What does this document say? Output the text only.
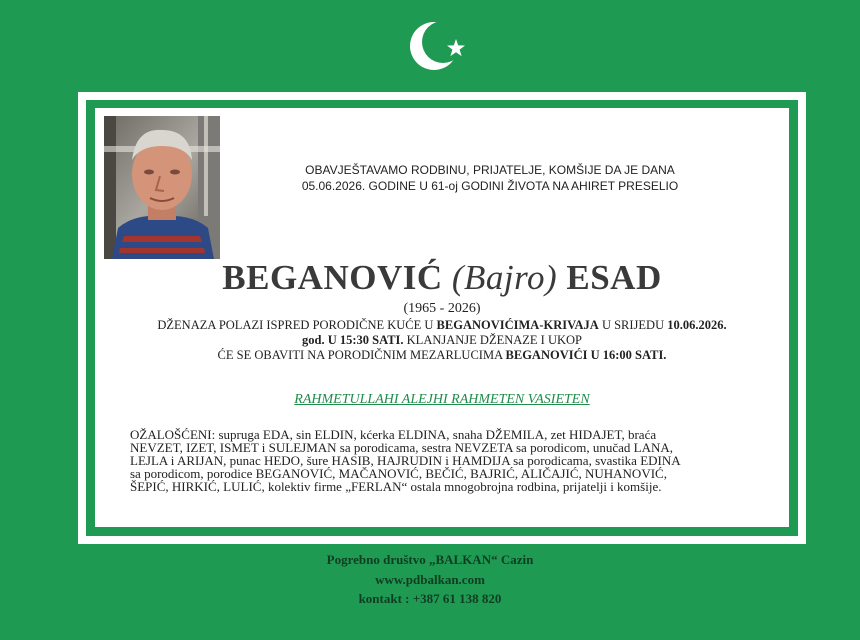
OBAVJEŠTAVAMO RODBINU, PRIJATELJE, KOMŠIJE DA JE DANA
05.06.2026. GODINE U 61-oj GODINI ŽIVOTA NA AHIRET PRESELIO
BEGANOVIĆ (Bajro) ESAD
(1965 - 2026)
DŽENAZA POLAZI ISPRED PORODIČNE KUĆE U BEGANOVIĆIMA-KRIVAJA U SRIJEDU 10.06.2026.
god. U 15:30 SATI. KLANJANJE DŽENAZE I UKOP
ĆE SE OBAVITI NA PORODIČNIM MEZARLUCIMA BEGANOVIĆI U 16:00 SATI.
RAHMETULLAHI ALEJHI RAHMETEN VASIETEN
OŽALOŠĆENI: supruga EDA, sin ELDIN, kćerka ELDINA, snaha DŽEMILA, zet HIDAJET, braća
NEVZET, IZET, ISMET i SULEJMAN sa porodicama, sestra NEVZETA sa porodicom, unučad LANA,
LEJLA i ARIJAN, punac HEDO, šure HASIB, HAJRUDIN i HAMDIJA sa porodicama, svastika EDINA
sa porodicom, porodice BEGANOVIĆ, MAČANOVIĆ, BEČIĆ, BAJRIĆ, ALIČAJIĆ, NUHANOVIĆ,
ŠEPIĆ, HIRKIĆ, LULIĆ, kolektiv firme „FERLAN“ ostala mnogobrojna rodbina, prijatelji i komšije.
Pogrebno društvo „BALKAN“ Cazin
www.pdbalkan.com
kontakt : +387 61 138 820
